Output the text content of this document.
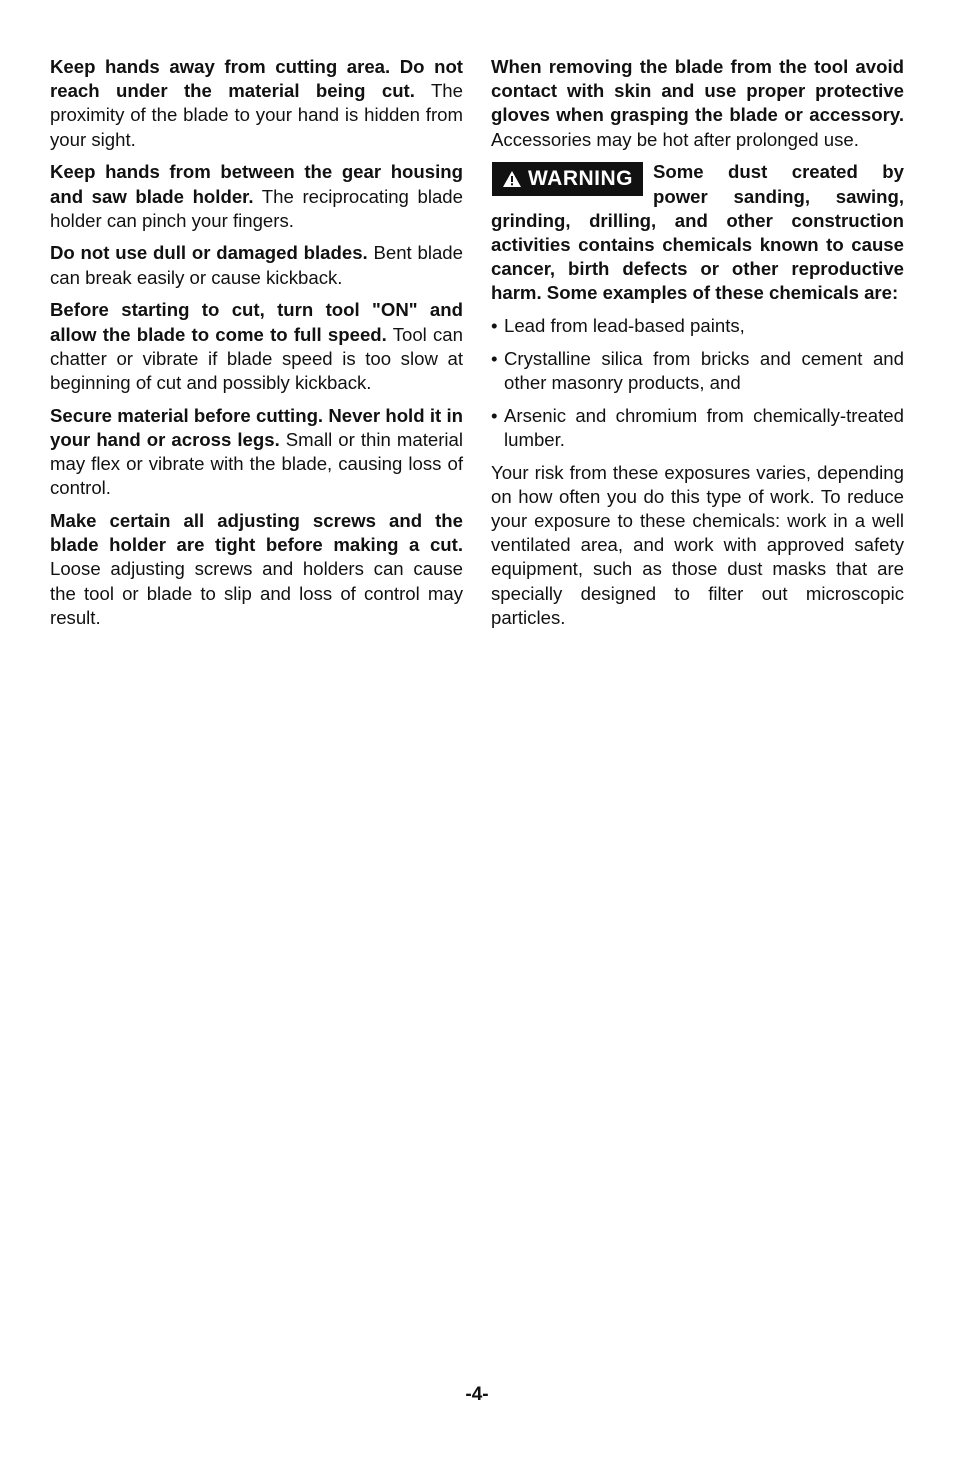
Keep hands away from cutting area. Do not reach under the material being cut. The proximity of the blade to your hand is hidden from your sight.

Keep hands from between the gear housing and saw blade holder. The reciprocating blade holder can pinch your fingers.

Do not use dull or damaged blades. Bent blade can break easily or cause kickback.

Before starting to cut, turn tool "ON" and allow the blade to come to full speed. Tool can chatter or vibrate if blade speed is too slow at beginning of cut and possibly kickback.

Secure material before cutting. Never hold it in your hand or across legs. Small or thin material may flex or vibrate with the blade, causing loss of control.

Make certain all adjusting screws and the blade holder are tight before making a cut. Loose adjusting screws and holders can cause the tool or blade to slip and loss of control may result.

When removing the blade from the tool avoid contact with skin and use proper protective gloves when grasping the blade or accessory. Accessories may be hot after prolonged use.

WARNING Some dust created by power sanding, sawing, grinding, drilling, and other construction activities contains chemicals known to cause cancer, birth defects or other reproductive harm. Some examples of these chemicals are:
• Lead from lead-based paints,
• Crystalline silica from bricks and cement and other masonry products, and
• Arsenic and chromium from chemically-treated lumber.

Your risk from these exposures varies, depending on how often you do this type of work. To reduce your exposure to these chemicals: work in a well ventilated area, and work with approved safety equipment, such as those dust masks that are specially designed to filter out microscopic particles.

-4-
